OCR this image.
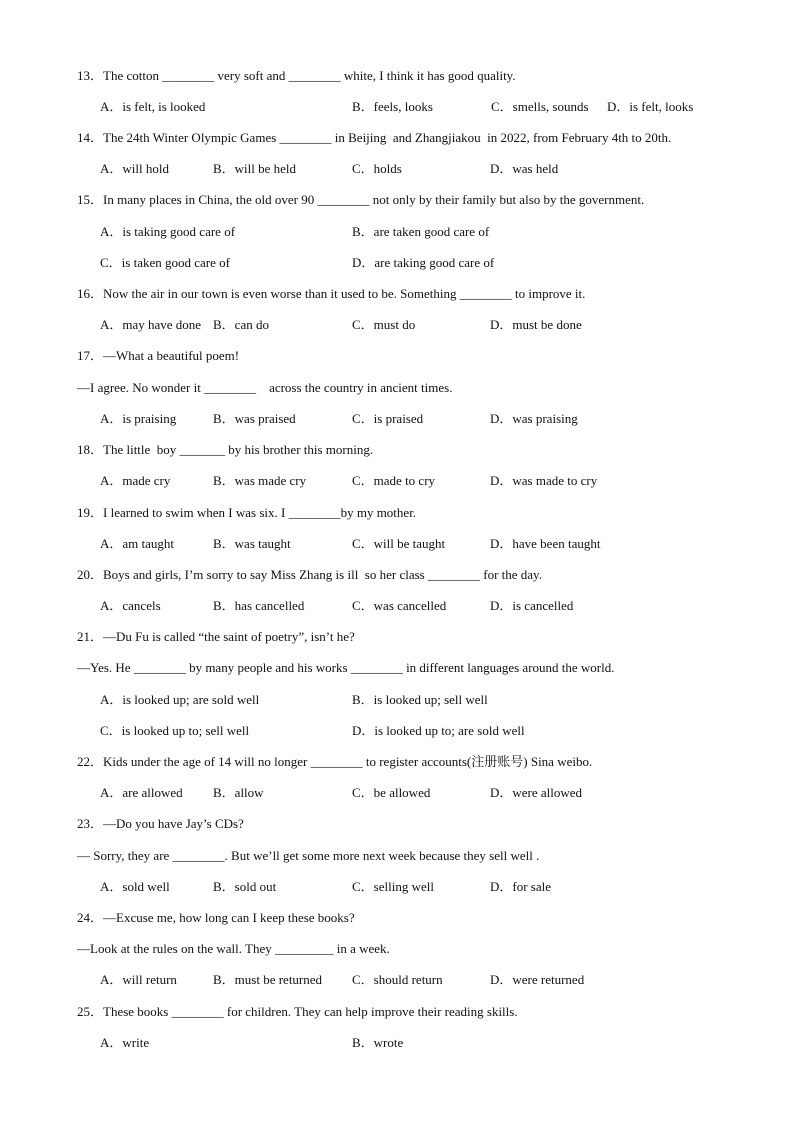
13．The cotton ________ very soft and ________ white, I think it has good quality.

A．is felt, is looked

	B．feels, looks

	C．smells, sounds

D．is felt, looks

14．The 24th Winter Olympic Games ________ in Beijing  and Zhangjiakou  in 2022, from February 4th to 20th.

A．will hold

	B．will be held

	C．holds

	D．was held

15．In many places in China, the old over 90 ________ not only by their family but also by the government.

A．is taking good care of

	B．are taken good care of

C．is taken good care of

	D．are taking good care of

16．Now the air in our town is even worse than it used to be. Something ________ to improve it.

A．may have done

B．can do

	C．must do

	D．must be done

17．—What a beautiful poem!
—I agree. No wonder it ________    across the country in ancient times.

A．is praising

	B．was praised

	C．is praised

	D．was praising

18．The little  boy _______ by his brother this morning.

A．made cry

	B．was made cry

	C．made to cry

	D．was made to cry

19．I learned to swim when I was six. I ________by my mother.

A．am taught

	B．was taught

	C．will be taught

	D．have been taught

20．Boys and girls, I’m sorry to say Miss Zhang is ill  so her class ________ for the day.

A．cancels

	B．has cancelled

	C．was cancelled

	D．is cancelled

21．—Du Fu is called “the saint of poetry”, isn’t he?
—Yes. He ________ by many people and his works ________ in different languages around the world.

A．is looked up; are sold well

	B．is looked up; sell well

C．is looked up to; sell well

	D．is looked up to; are sold well

22．Kids under the age of 14 will no longer ________ to register accounts(注册账号) Sina weibo.

A．are allowed

B．allow

	C．be allowed

	D．were allowed

23．—Do you have Jay’s CDs?
— Sorry, they are ________. But we’ll get some more next week because they sell well .

A．sold well

	B．sold out

	C．selling well

	D．for sale

24．—Excuse me, how long can I keep these books?
—Look at the rules on the wall. They _________ in a week.

A．will return

	B．must be returned

C．should return

	D．were returned

25．These books ________ for children. They can help improve their reading skills.

A．write

	B．wrote
